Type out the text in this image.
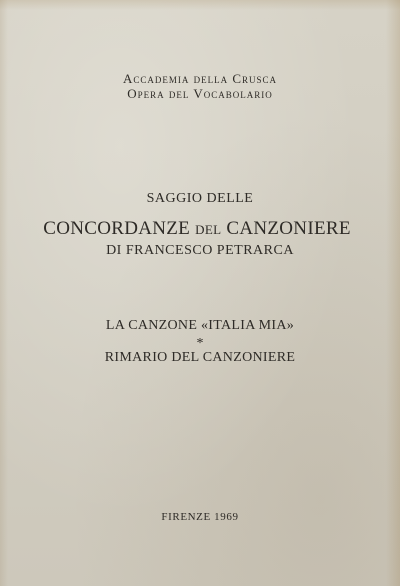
Accademia della Crusca
Opera del Vocabolario
SAGGIO DELLE
CONCORDANZE del CANZONIERE
DI FRANCESCO PETRARCA
LA CANZONE «ITALIA MIA»
*
RIMARIO DEL CANZONIERE
FIRENZE 1969
